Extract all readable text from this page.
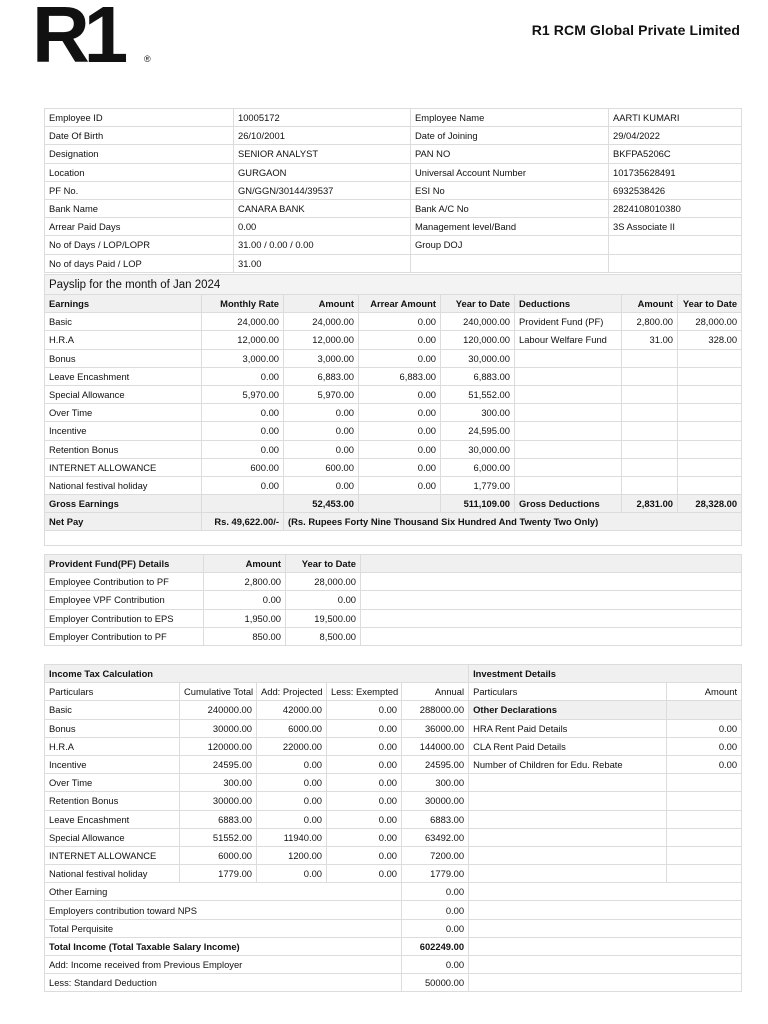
R1	®
R1 RCM Global Private Limited
Employee ID	10005172	Employee Name	AARTI KUMARI
Date Of Birth	26/10/2001	Date of Joining	29/04/2022
Designation	SENIOR ANALYST	PAN NO	BKFPA5206C
Location	GURGAON	Universal Account Number	101735628491
PF No.	GN/GGN/30144/39537	ESI No	6932538426
Bank Name	CANARA BANK	Bank A/C No	2824108010380
Arrear Paid Days	0.00	Management level/Band	3S Associate II
No of Days / LOP/LOPR	31.00 / 0.00 / 0.00	Group DOJ	
No of days Paid / LOP	31.00		
Payslip for the month of Jan 2024							
Earnings	Monthly Rate	Amount	Arrear Amount	Year to Date	Deductions	Amount	Year to Date
Basic	24,000.00	24,000.00	0.00	240,000.00	Provident Fund (PF)	2,800.00	28,000.00
H.R.A	12,000.00	12,000.00	0.00	120,000.00	Labour Welfare Fund	31.00	328.00
Bonus	3,000.00	3,000.00	0.00	30,000.00			
Leave Encashment	0.00	6,883.00	6,883.00	6,883.00			
Special Allowance	5,970.00	5,970.00	0.00	51,552.00			
Over Time	0.00	0.00	0.00	300.00			
Incentive	0.00	0.00	0.00	24,595.00			
Retention Bonus	0.00	0.00	0.00	30,000.00			
INTERNET ALLOWANCE	600.00	600.00	0.00	6,000.00			
National festival holiday	0.00	0.00	0.00	1,779.00			
Gross Earnings		52,453.00		511,109.00	Gross Deductions	2,831.00	28,328.00
Net Pay	Rs. 49,622.00/-	(Rs. Rupees Forty Nine Thousand Six Hundred And Twenty Two Only)					

Provident Fund(PF) Details	Amount	Year to Date	
Employee Contribution to PF	2,800.00	28,000.00	
Employee VPF Contribution	0.00	0.00	
Employer Contribution to EPS	1,950.00	19,500.00	
Employer Contribution to PF	850.00	8,500.00	
Income Tax Calculation					Investment Details	
Particulars	Cumulative Total	Add: Projected	Less: Exempted	Annual	Particulars	Amount
Basic	240000.00	42000.00	0.00	288000.00	Other Declarations	
Bonus	30000.00	6000.00	0.00	36000.00	HRA Rent Paid Details	0.00
H.R.A	120000.00	22000.00	0.00	144000.00	CLA Rent Paid Details	0.00
Incentive	24595.00	0.00	0.00	24595.00	Number of Children for Edu. Rebate	0.00
Over Time	300.00	0.00	0.00	300.00		
Retention Bonus	30000.00	0.00	0.00	30000.00		
Leave Encashment	6883.00	0.00	0.00	6883.00		
Special Allowance	51552.00	11940.00	0.00	63492.00		
INTERNET ALLOWANCE	6000.00	1200.00	0.00	7200.00		
National festival holiday	1779.00	0.00	0.00	1779.00		
Other Earning				0.00		
Employers contribution toward NPS				0.00		
Total Perquisite				0.00		
Total Income (Total Taxable Salary Income)				602249.00		
Add: Income received from Previous Employer				0.00		
Less: Standard Deduction				50000.00		
